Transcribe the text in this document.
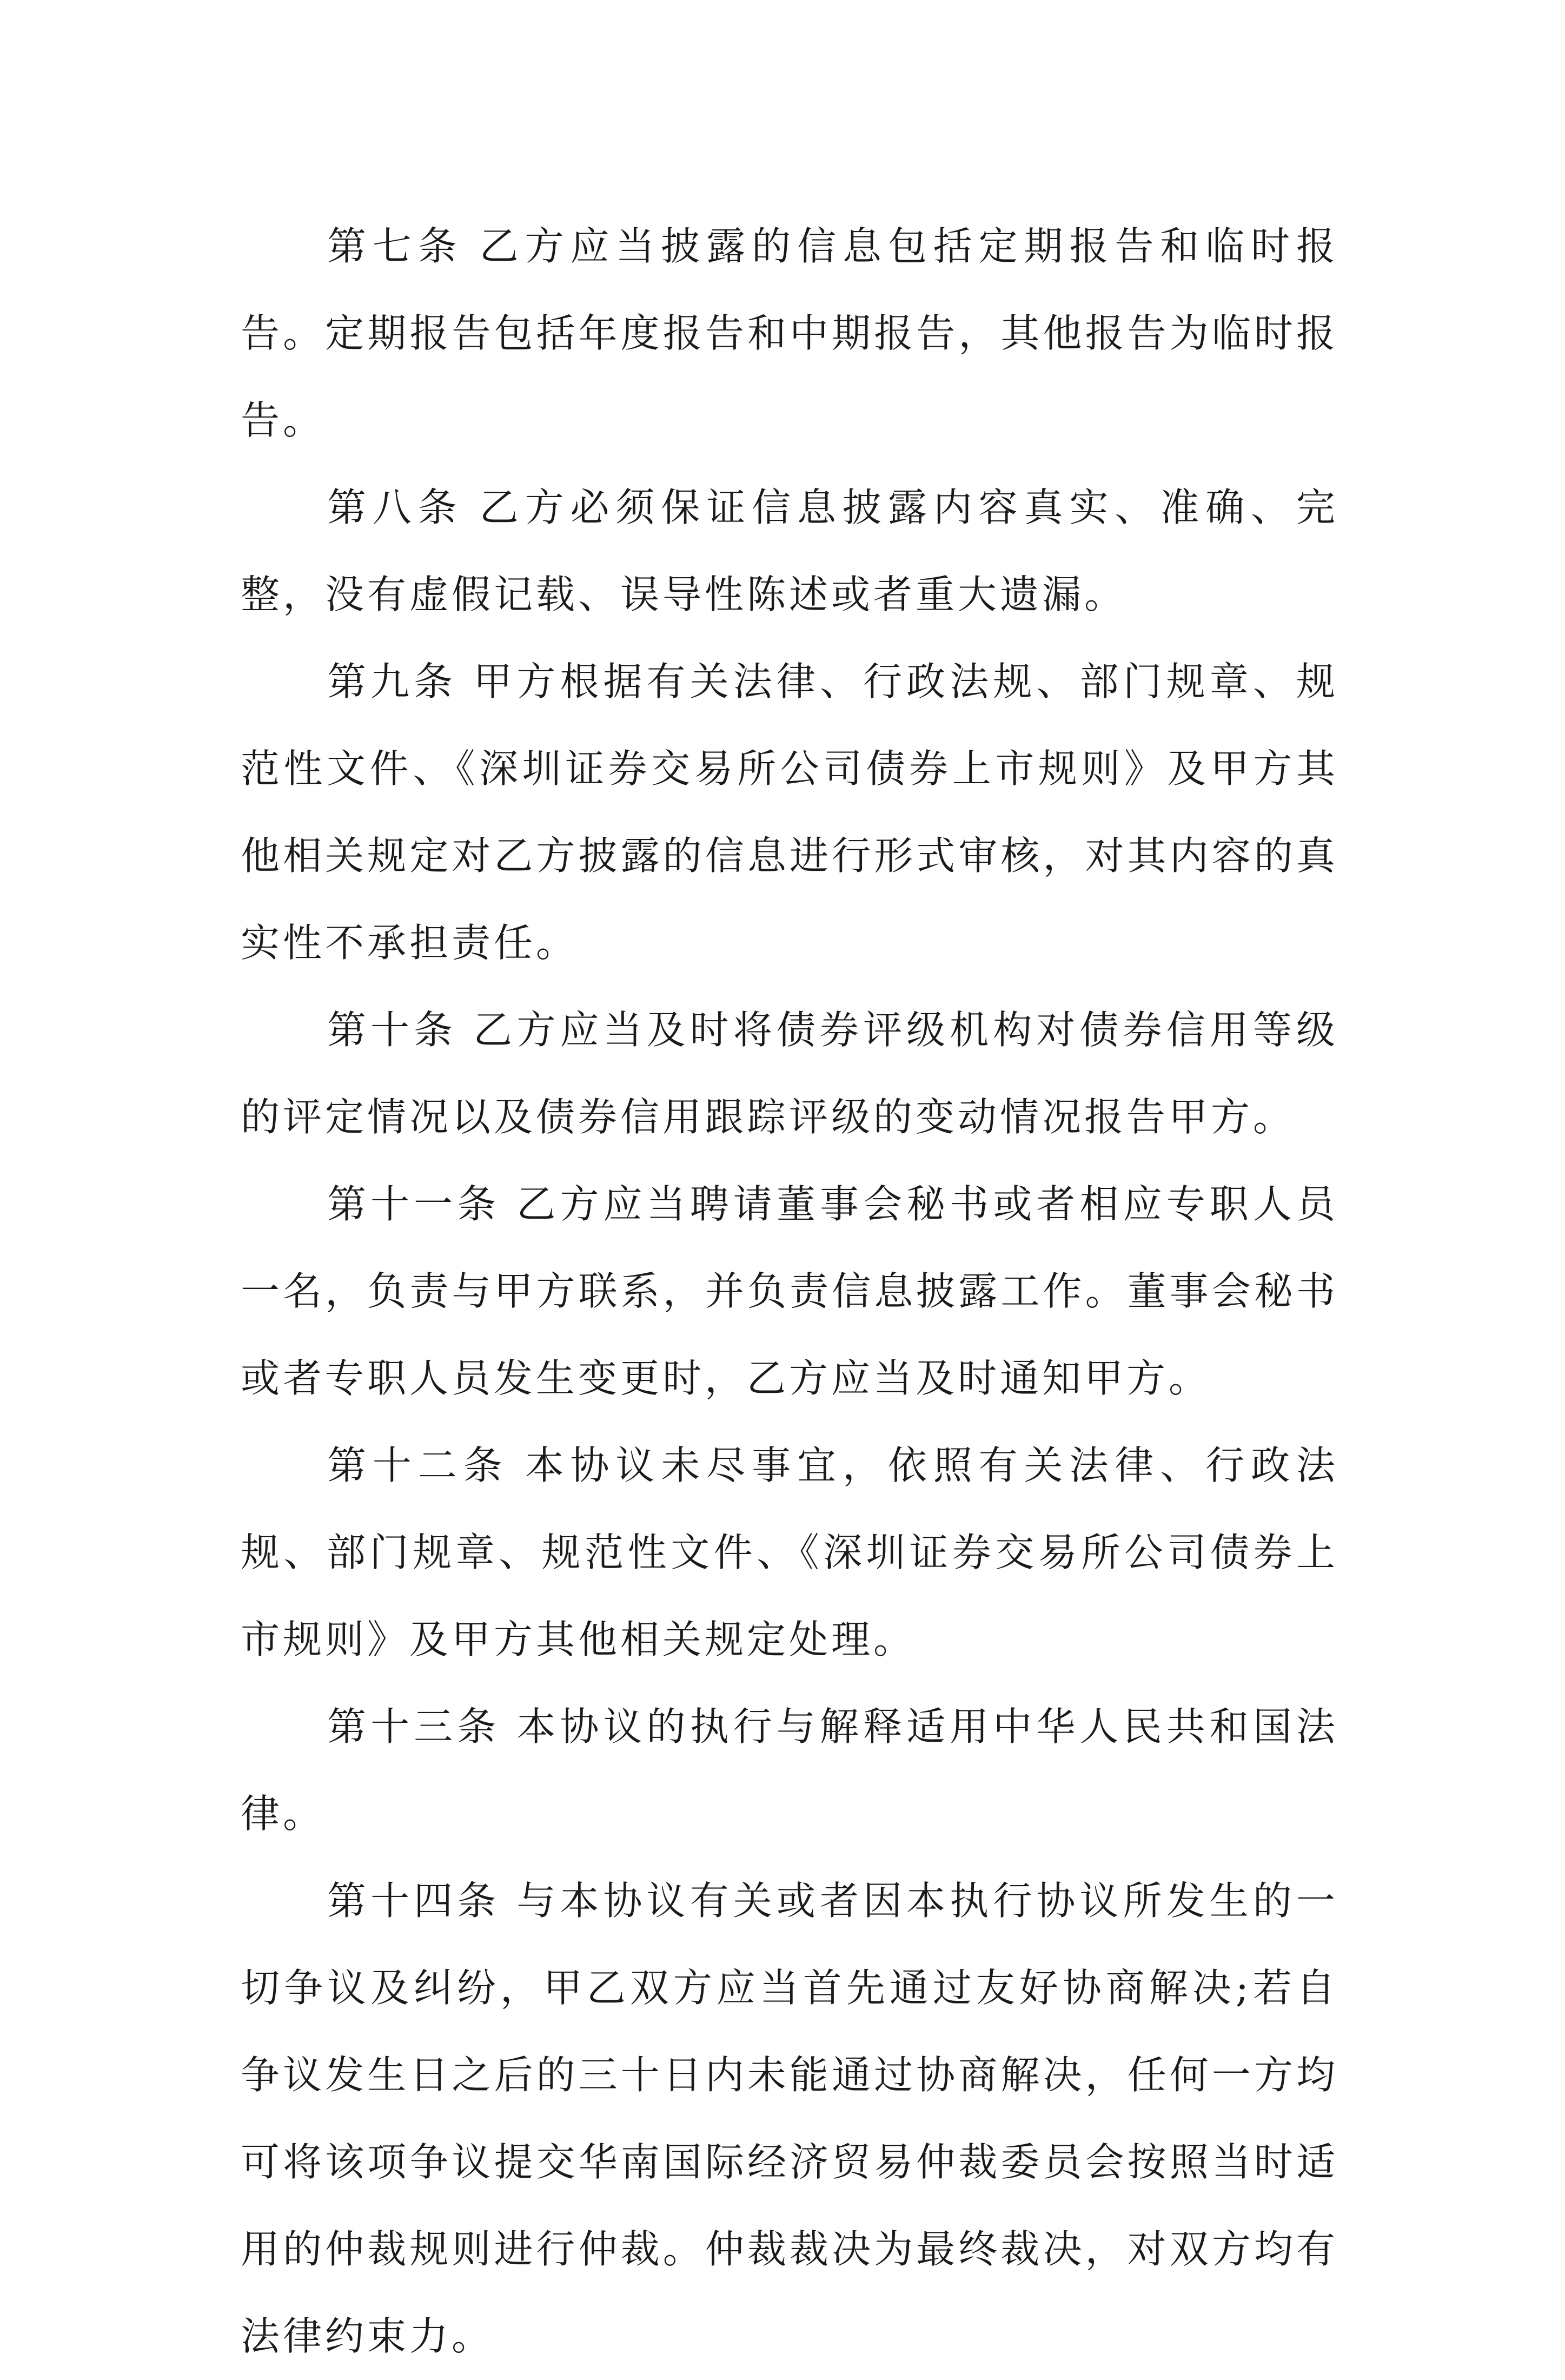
第七条 乙方应当披露的信息包括定期报告和临时报告。定期报告包括年度报告和中期报告，其他报告为临时报告。

第八条 乙方必须保证信息披露内容真实、准确、完整，没有虚假记载、误导性陈述或者重大遗漏。

第九条 甲方根据有关法律、行政法规、部门规章、规范性文件、《深圳证券交易所公司债券上市规则》及甲方其他相关规定对乙方披露的信息进行形式审核，对其内容的真实性不承担责任。

第十条 乙方应当及时将债券评级机构对债券信用等级的评定情况以及债券信用跟踪评级的变动情况报告甲方。

第十一条 乙方应当聘请董事会秘书或者相应专职人员一名，负责与甲方联系，并负责信息披露工作。董事会秘书或者专职人员发生变更时，乙方应当及时通知甲方。

第十二条 本协议未尽事宜，依照有关法律、行政法规、部门规章、规范性文件、《深圳证券交易所公司债券上市规则》及甲方其他相关规定处理。

第十三条 本协议的执行与解释适用中华人民共和国法律。

第十四条 与本协议有关或者因本执行协议所发生的一切争议及纠纷，甲乙双方应当首先通过友好协商解决;若自争议发生日之后的三十日内未能通过协商解决，任何一方均可将该项争议提交华南国际经济贸易仲裁委员会按照当时适用的仲裁规则进行仲裁。仲裁裁决为最终裁决，对双方均有法律约束力。
